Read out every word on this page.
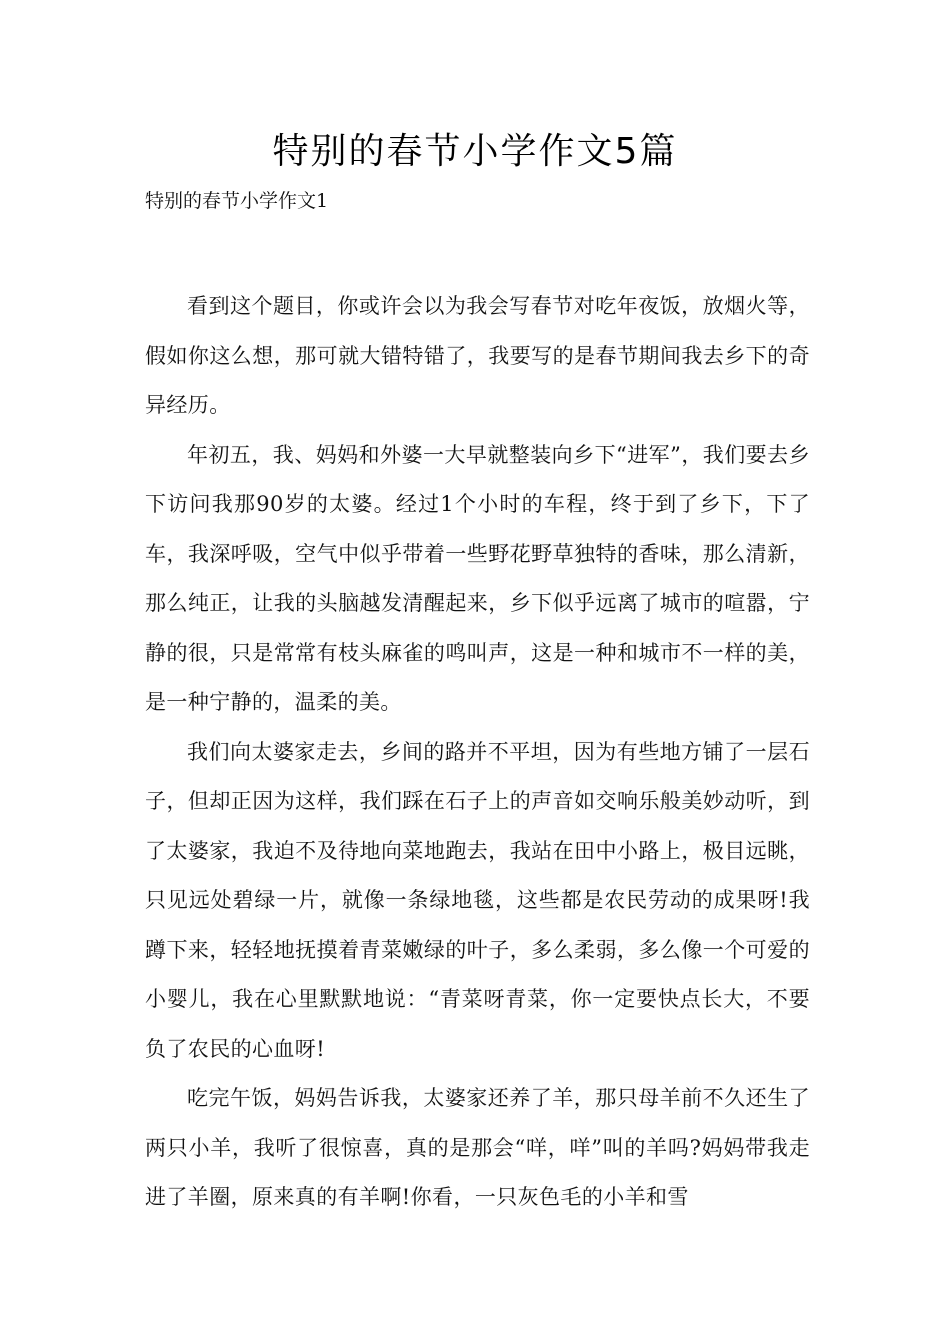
特别的春节小学作文5篇

特别的春节小学作文1

看到这个题目，你或许会以为我会写春节对吃年夜饭，放烟火等，假如你这么想，那可就大错特错了，我要写的是春节期间我去乡下的奇异经历。

年初五，我、妈妈和外婆一大早就整装向乡下“进军”，我们要去乡下访问我那90岁的太婆。经过1个小时的车程，终于到了乡下，下了车，我深呼吸，空气中似乎带着一些野花野草独特的香味，那么清新，那么纯正，让我的头脑越发清醒起来，乡下似乎远离了城市的喧嚣，宁静的很，只是常常有枝头麻雀的鸣叫声，这是一种和城市不一样的美，是一种宁静的，温柔的美。

我们向太婆家走去，乡间的路并不平坦，因为有些地方铺了一层石子，但却正因为这样，我们踩在石子上的声音如交响乐般美妙动听，到了太婆家，我迫不及待地向菜地跑去，我站在田中小路上，极目远眺，只见远处碧绿一片，就像一条绿地毯，这些都是农民劳动的成果呀!我蹲下来，轻轻地抚摸着青菜嫩绿的叶子，多么柔弱，多么像一个可爱的小婴儿，我在心里默默地说：“青菜呀青菜，你一定要快点长大，不要负了农民的心血呀!

吃完午饭，妈妈告诉我，太婆家还养了羊，那只母羊前不久还生了两只小羊，我听了很惊喜，真的是那会“咩，咩”叫的羊吗?妈妈带我走进了羊圈，原来真的有羊啊!你看，一只灰色毛的小羊和雪
